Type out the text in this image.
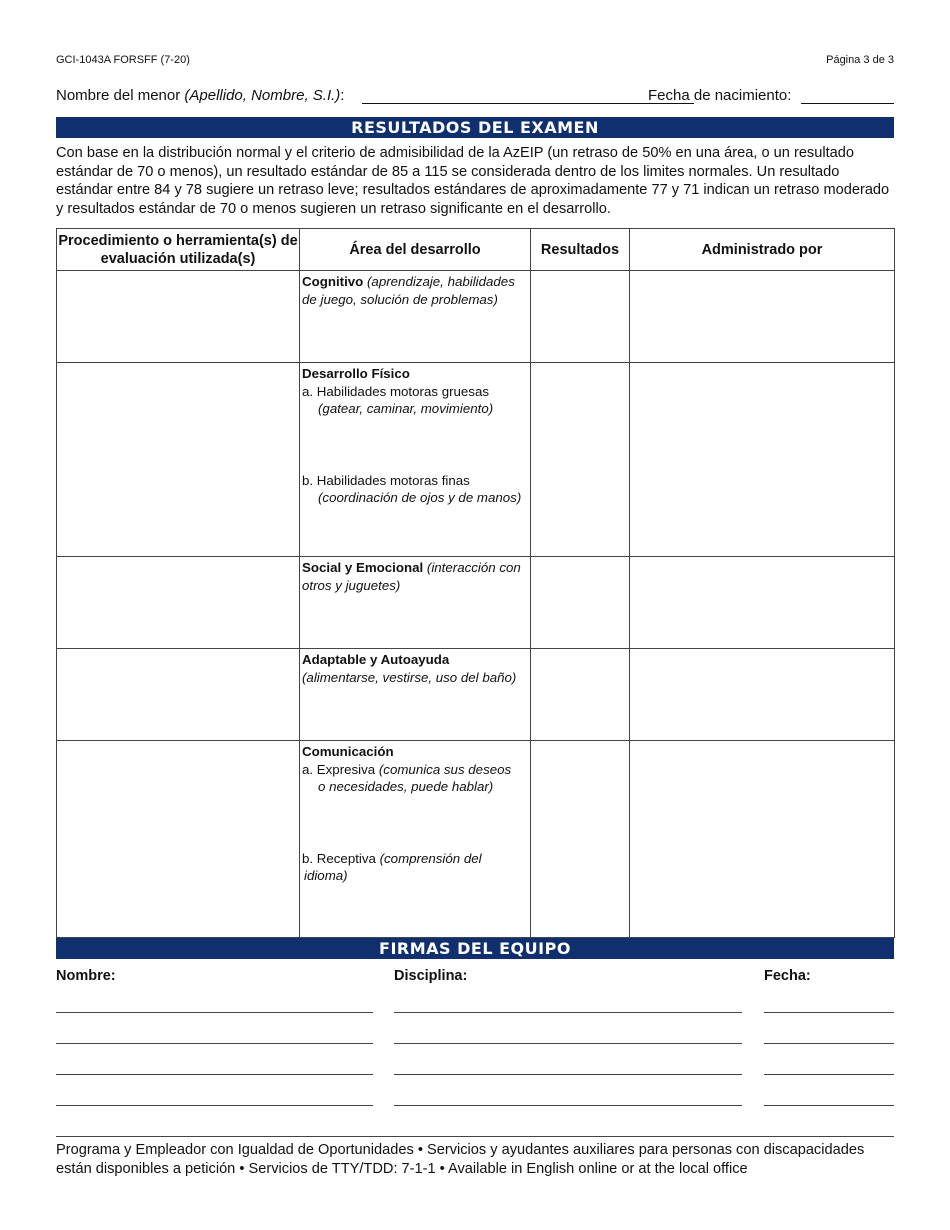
GCI-1043A FORSFF (7-20)	Página 3 de 3
Nombre del menor (Apellido, Nombre, S.I.):	Fecha de nacimiento:
RESULTADOS DEL EXAMEN
Con base en la distribución normal y el criterio de admisibilidad de la AzEIP (un retraso de 50% en una área, o un resultado estándar de 70 o menos), un resultado estándar de 85 a 115 se considerada dentro de los limites normales. Un resultado estándar entre 84 y 78 sugiere un retraso leve; resultados estándares de aproximadamente 77 y 71 indican un retraso moderado y resultados estándar de 70 o menos sugieren un retraso significante en el desarrollo.
Procedimiento o herramienta(s) de evaluación utilizada(s)	Área del desarrollo	Resultados	Administrado por

	Cognitivo (aprendizaje, habilidades de juego, solución de problemas)		

	Desarrollo Físico
a. Habilidades motoras gruesas

(gatear, caminar, movimiento)
b. Habilidades motoras finas

(coordinación de ojos y de manos)		

	Social y Emocional (interacción con otros y juguetes)		

	Adaptable y Autoayuda
(alimentarse, vestirse, uso del baño)		

	Comunicación
a. Expresiva (comunica sus deseos

o necesidades, puede hablar)
b. Receptiva (comprensión del

idioma)		

FIRMAS DEL EQUIPO
Nombre:	Disciplina:	Fecha:
Programa y Empleador con Igualdad de Oportunidades • Servicios y ayudantes auxiliares para personas con discapacidades están disponibles a petición • Servicios de TTY/TDD: 7-1-1 • Available in English online or at the local office
